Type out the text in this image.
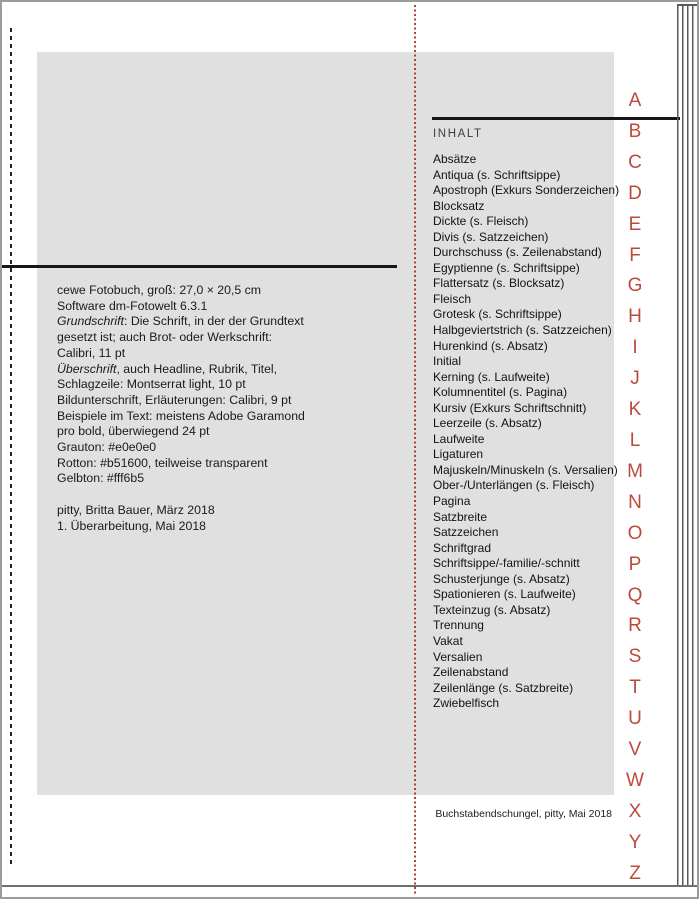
cewe Fotobuch, groß: 27,0 × 20,5 cm
Software dm-Fotowelt 6.3.1
Grundschrift: Die Schrift, in der der Grundtext
gesetzt ist; auch Brot- oder Werkschrift:
Calibri, 11 pt
Überschrift, auch Headline, Rubrik, Titel,
Schlagzeile: Montserrat light, 10 pt
Bildunterschrift, Erläuterungen: Calibri, 9 pt
Beispiele im Text: meistens Adobe Garamond
pro bold, überwiegend 24 pt
Grauton: #e0e0e0
Rotton: #b51600, teilweise transparent
Gelbton: #fff6b5
pitty, Britta Bauer, März 2018
1. Überarbeitung, Mai 2018
INHALT
Absätze
Antiqua (s. Schriftsippe)
Apostroph (Exkurs Sonderzeichen)
Blocksatz
Dickte (s. Fleisch)
Divis (s. Satzzeichen)
Durchschuss (s. Zeilenabstand)
Egyptienne (s. Schriftsippe)
Flattersatz (s. Blocksatz)
Fleisch
Grotesk (s. Schriftsippe)
Halbgeviertstrich (s. Satzzeichen)
Hurenkind (s. Absatz)
Initial
Kerning (s. Laufweite)
Kolumnentitel (s. Pagina)
Kursiv (Exkurs Schriftschnitt)
Leerzeile (s. Absatz)
Laufweite
Ligaturen
Majuskeln/Minuskeln (s. Versalien)
Ober-/Unterlängen (s. Fleisch)
Pagina
Satzbreite
Satzzeichen
Schriftgrad
Schriftsippe/-familie/-schnitt
Schusterjunge (s. Absatz)
Spationieren (s. Laufweite)
Texteinzug (s. Absatz)
Trennung
Vakat
Versalien
Zeilenabstand
Zeilenlänge (s. Satzbreite)
Zwiebelfisch
A
B
C
D
E
F
G
H
I
J
K
L
M
N
O
P
Q
R
S
T
U
V
W
X
Y
Z
Buchstabendschungel, pitty, Mai 2018
